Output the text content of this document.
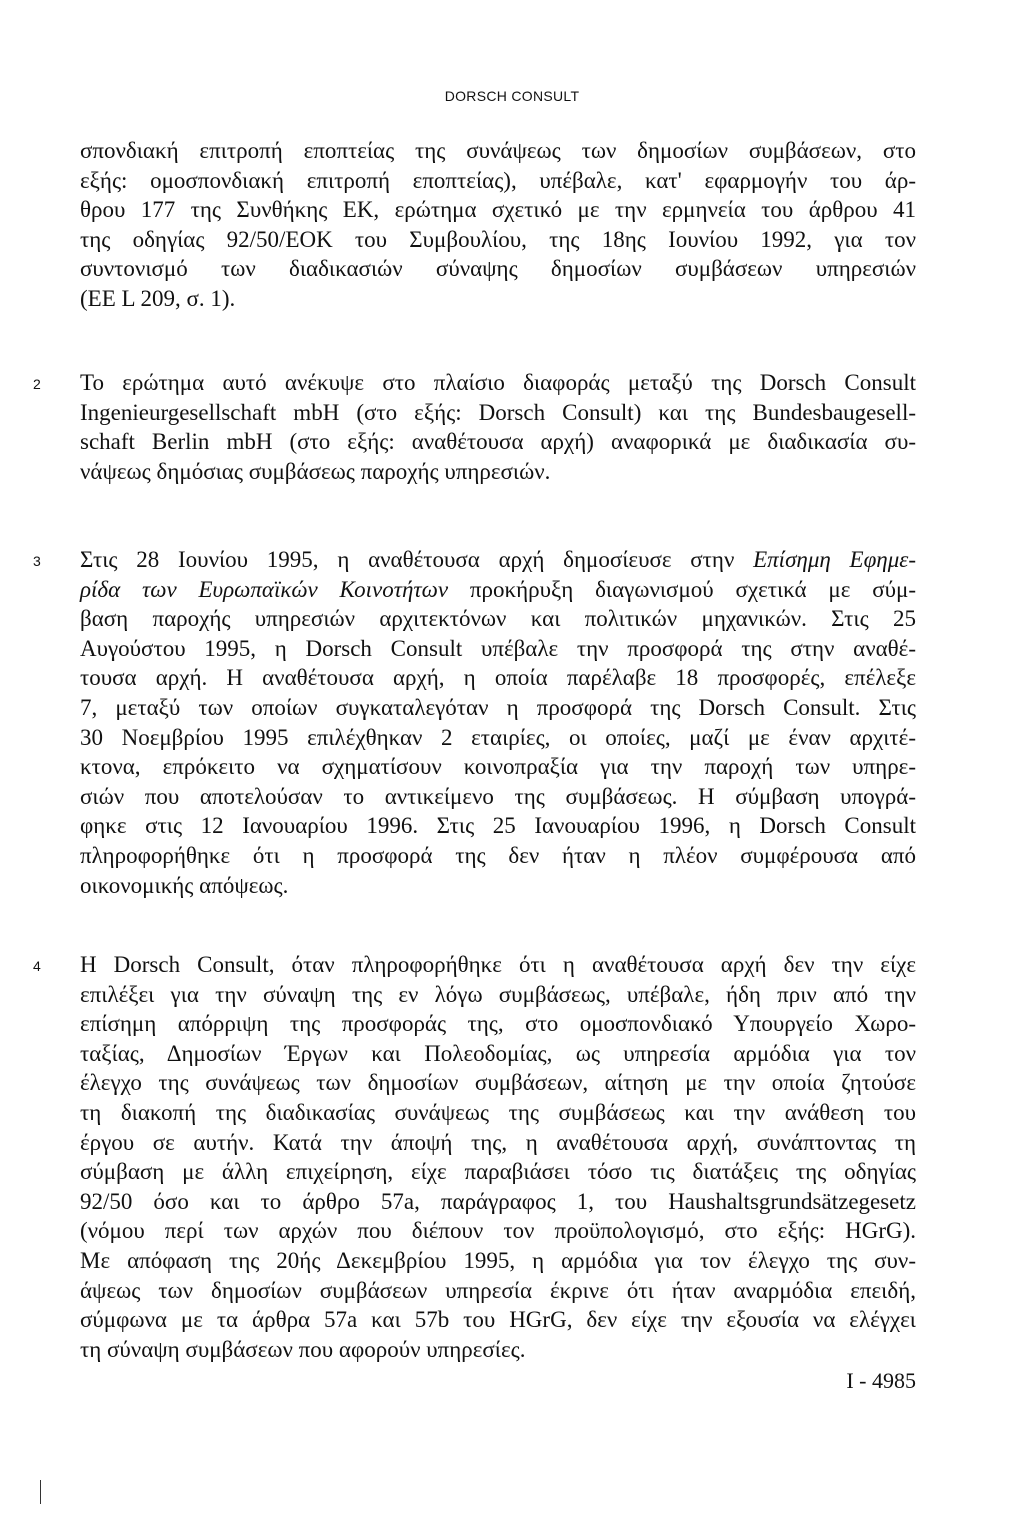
DORSCH CONSULT
σπονδιακή επιτροπή εποπτείας της συνάψεως των δημοσίων συμβάσεων, στο
εξής: ομοσπονδιακή επιτροπή εποπτείας), υπέβαλε, κατ' εφαρμογήν του άρ-
θρου 177 της Συνθήκης ΕΚ, ερώτημα σχετικό με την ερμηνεία του άρθρου 41
της οδηγίας 92/50/ΕΟΚ του Συμβουλίου, της 18ης Ιουνίου 1992, για τον
συντονισμό των διαδικασιών σύναψης δημοσίων συμβάσεων υπηρεσιών
(ΕΕ L 209, σ. 1).
2 Το ερώτημα αυτό ανέκυψε στο πλαίσιο διαφοράς μεταξύ της Dorsch Consult
Ingenieurgesellschaft mbH (στο εξής: Dorsch Consult) και της Bundesbaugesell-
schaft Berlin mbH (στο εξής: αναθέτουσα αρχή) αναφορικά με διαδικασία συ-
νάψεως δημόσιας συμβάσεως παροχής υπηρεσιών.
3 Στις 28 Ιουνίου 1995, η αναθέτουσα αρχή δημοσίευσε στην Επίσημη Εφημε-
ρίδα των Ευρωπαϊκών Κοινοτήτων προκήρυξη διαγωνισμού σχετικά με σύμ-
βαση παροχής υπηρεσιών αρχιτεκτόνων και πολιτικών μηχανικών. Στις 25
Αυγούστου 1995, η Dorsch Consult υπέβαλε την προσφορά της στην αναθέ-
τουσα αρχή. Η αναθέτουσα αρχή, η οποία παρέλαβε 18 προσφορές, επέλεξε
7, μεταξύ των οποίων συγκαταλεγόταν η προσφορά της Dorsch Consult. Στις
30 Νοεμβρίου 1995 επιλέχθηκαν 2 εταιρίες, οι οποίες, μαζί με έναν αρχιτέ-
κτονα, επρόκειτο να σχηματίσουν κοινοπραξία για την παροχή των υπηρε-
σιών που αποτελούσαν το αντικείμενο της συμβάσεως. Η σύμβαση υπογρά-
φηκε στις 12 Ιανουαρίου 1996. Στις 25 Ιανουαρίου 1996, η Dorsch Consult
πληροφορήθηκε ότι η προσφορά της δεν ήταν η πλέον συμφέρουσα από
οικονομικής απόψεως.
4 Η Dorsch Consult, όταν πληροφορήθηκε ότι η αναθέτουσα αρχή δεν την είχε
επιλέξει για την σύναψη της εν λόγω συμβάσεως, υπέβαλε, ήδη πριν από την
επίσημη απόρριψη της προσφοράς της, στο ομοσπονδιακό Υπουργείο Χωρο-
ταξίας, Δημοσίων Έργων και Πολεοδομίας, ως υπηρεσία αρμόδια για τον
έλεγχο της συνάψεως των δημοσίων συμβάσεων, αίτηση με την οποία ζητούσε
τη διακοπή της διαδικασίας συνάψεως της συμβάσεως και την ανάθεση του
έργου σε αυτήν. Κατά την άποψή της, η αναθέτουσα αρχή, συνάπτοντας τη
σύμβαση με άλλη επιχείρηση, είχε παραβιάσει τόσο τις διατάξεις της οδηγίας
92/50 όσο και το άρθρο 57a, παράγραφος 1, του Haushaltsgrundsätzegesetz
(νόμου περί των αρχών που διέπουν τον προϋπολογισμό, στο εξής: HGrG).
Με απόφαση της 20ής Δεκεμβρίου 1995, η αρμόδια για τον έλεγχο της συν-
άψεως των δημοσίων συμβάσεων υπηρεσία έκρινε ότι ήταν αναρμόδια επειδή,
σύμφωνα με τα άρθρα 57a και 57b του HGrG, δεν είχε την εξουσία να ελέγχει
τη σύναψη συμβάσεων που αφορούν υπηρεσίες.
I - 4985
